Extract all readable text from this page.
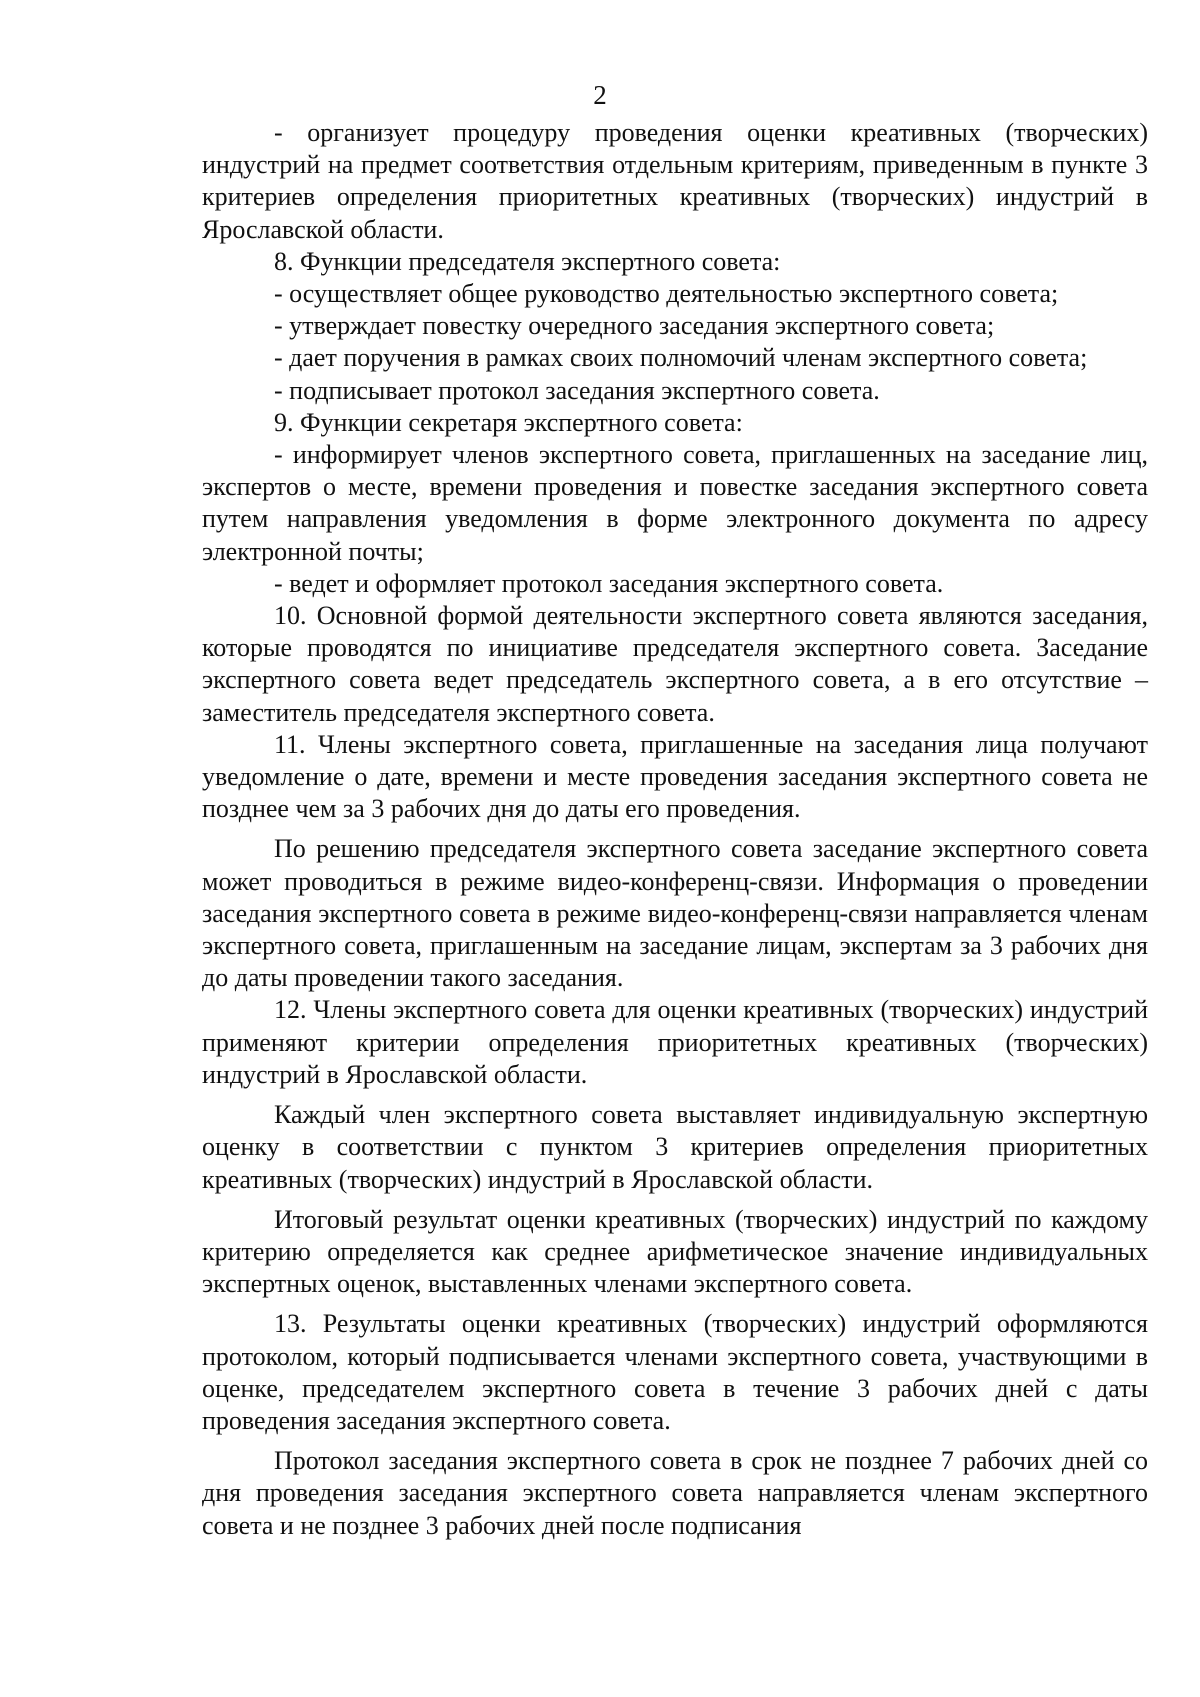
2

- организует процедуру проведения оценки креативных (творческих) индустрий на предмет соответствия отдельным критериям, приведенным в пункте 3 критериев определения приоритетных креативных (творческих) индустрий в Ярославской области.

8. Функции председателя экспертного совета:

- осуществляет общее руководство деятельностью экспертного совета;

- утверждает повестку очередного заседания экспертного совета;

- дает поручения в рамках своих полномочий членам экспертного совета;

- подписывает протокол заседания экспертного совета.

9. Функции секретаря экспертного совета:

- информирует членов экспертного совета, приглашенных на заседание лиц, экспертов о месте, времени проведения и повестке заседания экспертного совета путем направления уведомления в форме электронного документа по адресу электронной почты;

- ведет и оформляет протокол заседания экспертного совета.

10. Основной формой деятельности экспертного совета являются заседания, которые проводятся по инициативе председателя экспертного совета. Заседание экспертного совета ведет председатель экспертного совета, а в его отсутствие – заместитель председателя экспертного совета.

11. Члены экспертного совета, приглашенные на заседания лица получают уведомление о дате, времени и месте проведения заседания экспертного совета не позднее чем за 3 рабочих дня до даты его проведения.

По решению председателя экспертного совета заседание экспертного совета может проводиться в режиме видео-конференц-связи. Информация о проведении заседания экспертного совета в режиме видео-конференц-связи направляется членам экспертного совета, приглашенным на заседание лицам, экспертам за 3 рабочих дня до даты проведении такого заседания.

12. Члены экспертного совета для оценки креативных (творческих) индустрий применяют критерии определения приоритетных креативных (творческих) индустрий в Ярославской области.

Каждый член экспертного совета выставляет индивидуальную экспертную оценку в соответствии с пунктом 3 критериев определения приоритетных креативных (творческих) индустрий в Ярославской области.

Итоговый результат оценки креативных (творческих) индустрий по каждому критерию определяется как среднее арифметическое значение индивидуальных экспертных оценок, выставленных членами экспертного совета.

13. Результаты оценки креативных (творческих) индустрий оформляются протоколом, который подписывается членами экспертного совета, участвующими в оценке, председателем экспертного совета в течение 3 рабочих дней с даты проведения заседания экспертного совета.

Протокол заседания экспертного совета в срок не позднее 7 рабочих дней со дня проведения заседания экспертного совета направляется членам экспертного совета и не позднее 3 рабочих дней после подписания
